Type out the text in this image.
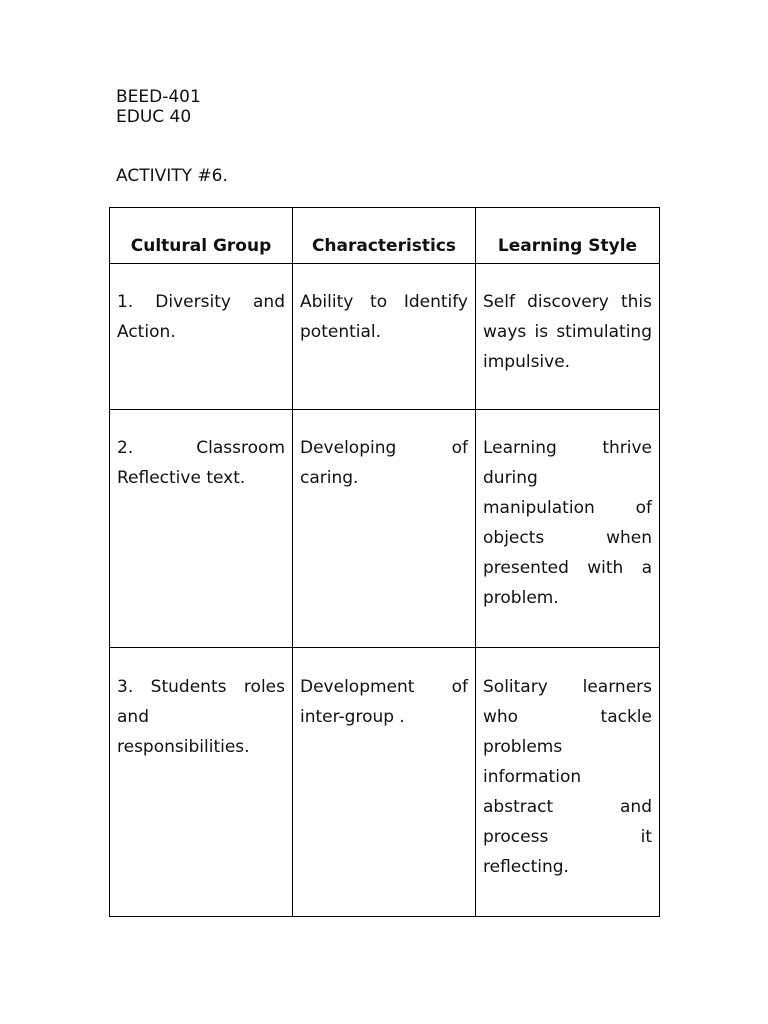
BEED-401
EDUC 40
ACTIVITY #6.
Cultural Group	Characteristics	Learning Style
1. Diversity and Action.	Ability to Identify potential.	Self discovery this ways is stimulating impulsive.
2. Classroom Reflective text.	Developing of caring.	Learning thrive during manipulation of objects when presented with a problem.
3. Students roles and responsibilities.	Development of inter-group .	Solitary learners who tackle problems information abstract and process it reflecting.
